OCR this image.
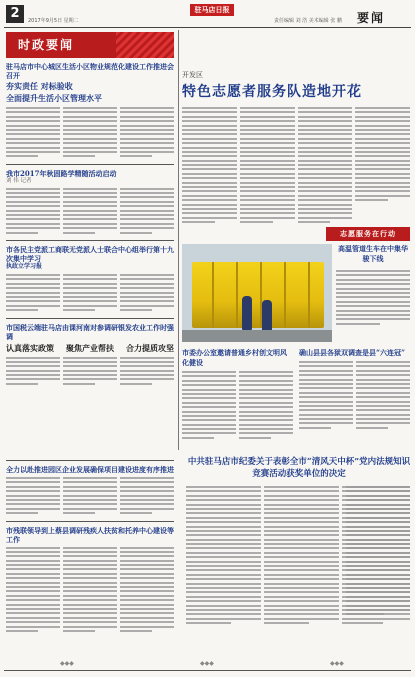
2	2017年9月5日 星期二
驻马店日报
责任编辑 刘 浩 美术编辑 张 鹏 要闻
时政要闻
驻马店市中心城区生活小区物业规范化建设工作推进会召开
夯实责任 对标验收
全面提升生活小区管理水平
我市2017年秋固路学精随活动启动
刘 伟 记者
市各民主党派工商联无党派人士联合中心组举行第十九次集中学习
执政立学习报
市国税云端驻马店由课河南对参调研银发农业工作时强调
认真落实政策 聚焦产业帮扶 合力提质攻坚
开发区
特色志愿者服务队造地开花
志愿服务在行动
高温管道生车在中集华骏下线
市委办公室邀请普通乡村创文明风化健设
确山县县各狱双调查是县“六连冠”
全力以赴推进园区企业发展确保项目建设进度有序推进
市残联领导到上蔡县调研残疾人扶贫和托养中心建设等工作
中共驻马店市纪委关于表彰全市“清风天中杯”党内法规知识竞赛活动获奖单位的决定
◆◆◆	◆◆◆	◆◆◆
